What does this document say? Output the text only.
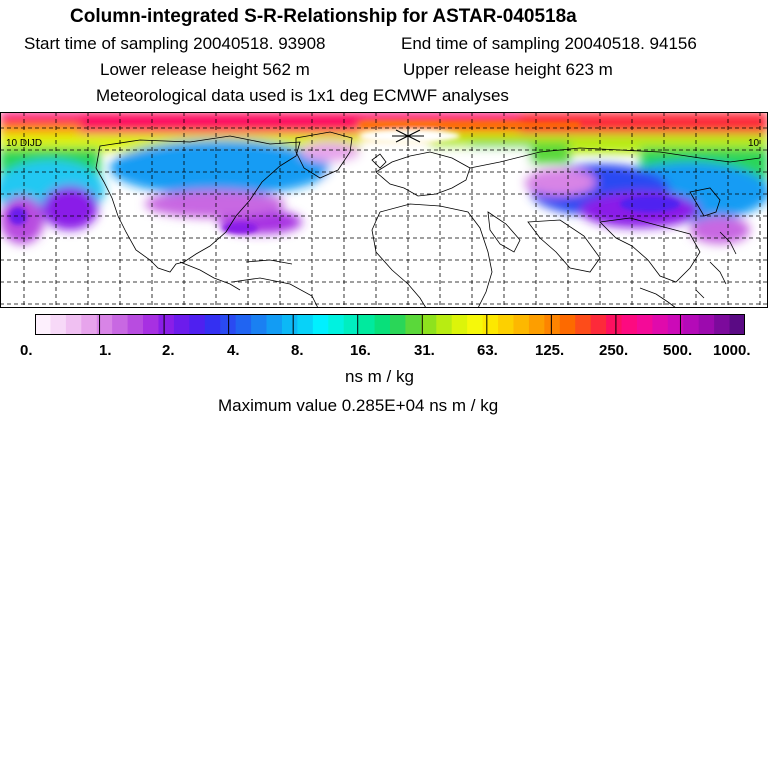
Column-integrated S-R-Relationship for ASTAR-040518a
Start time of sampling 20040518. 93908	End time of sampling 20040518. 94156
Lower release height 562 m	Upper release height 623 m
Meteorological data used is 1x1 deg ECMWF analyses
10 DIJD	10
0.	1.	2.	4.	8.	16.	31.	63. 125. 250. 500. 1000.
ns m / kg
Maximum value 0.285E+04 ns m / kg
